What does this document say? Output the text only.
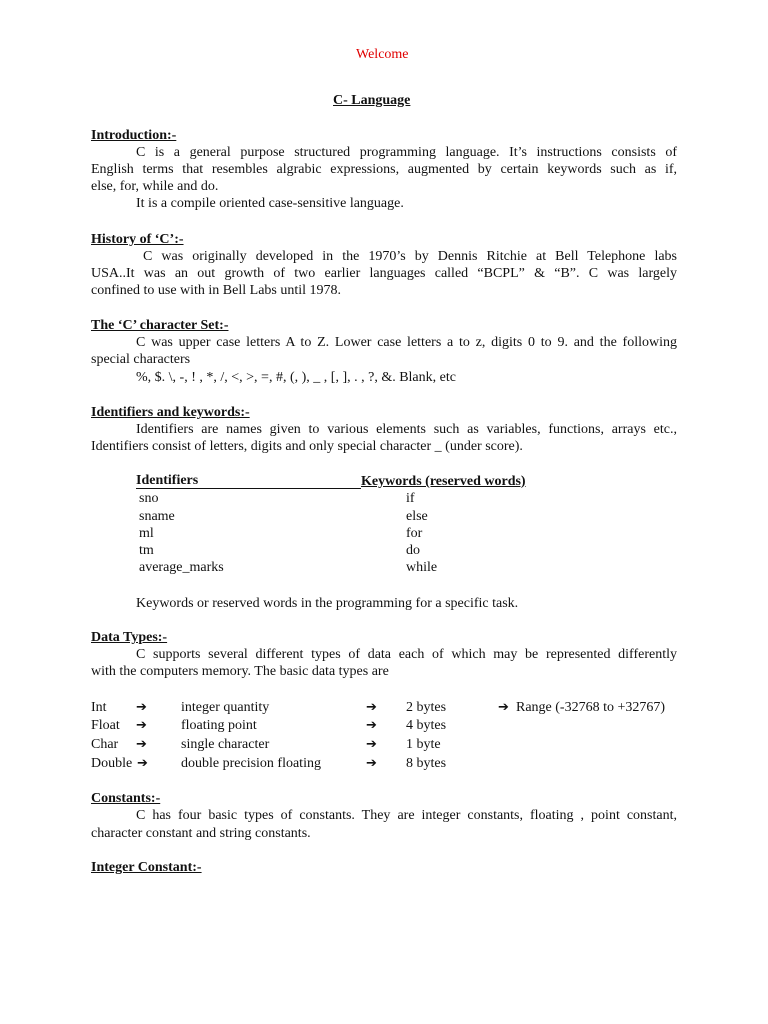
Welcome
C- Language
Introduction:-
C is a general purpose structured programming language. It’s instructions consists of
English terms that resembles algrabic expressions, augmented by certain keywords such as if,
else, for, while and do.
It is a compile oriented case-sensitive language.
History of ‘C’:-
C was originally developed in the 1970’s by Dennis Ritchie at Bell Telephone labs
USA..It was an out growth of two earlier languages called “BCPL” & “B”. C was largely
confined to use with in Bell Labs until 1978.
The ‘C’ character Set:-
C was upper case letters A to Z. Lower case letters a to z, digits 0 to 9. and the following
special characters
%, $. \, -, ! , *, /, <, >, =, #, (, ), _ , [, ], . , ?, &. Blank, etc
Identifiers and keywords:-
Identifiers are names given to various elements such as variables, functions, arrays etc.,
Identifiers consist of letters, digits and only special character _ (under score).
Identifiers	Keywords (reserved words)
sno	if
sname	else
ml	for
tm	do
average_marks	while
Keywords or reserved words in the programming for a specific task.
Data Types:-
C supports several different types of data each of which may be represented differently
with the computers memory. The basic data types are
Int ➔ integer quantity	➔ 2 bytes	➔ Range (-32768 to +32767)
Float ➔ floating point	➔ 4 bytes
Char ➔ single character	➔ 1 byte
Double ➔ double precision floating	➔ 8 bytes
Constants:-
C has four basic types of constants. They are integer constants, floating , point constant,
character constant and string constants.
Integer Constant:-
